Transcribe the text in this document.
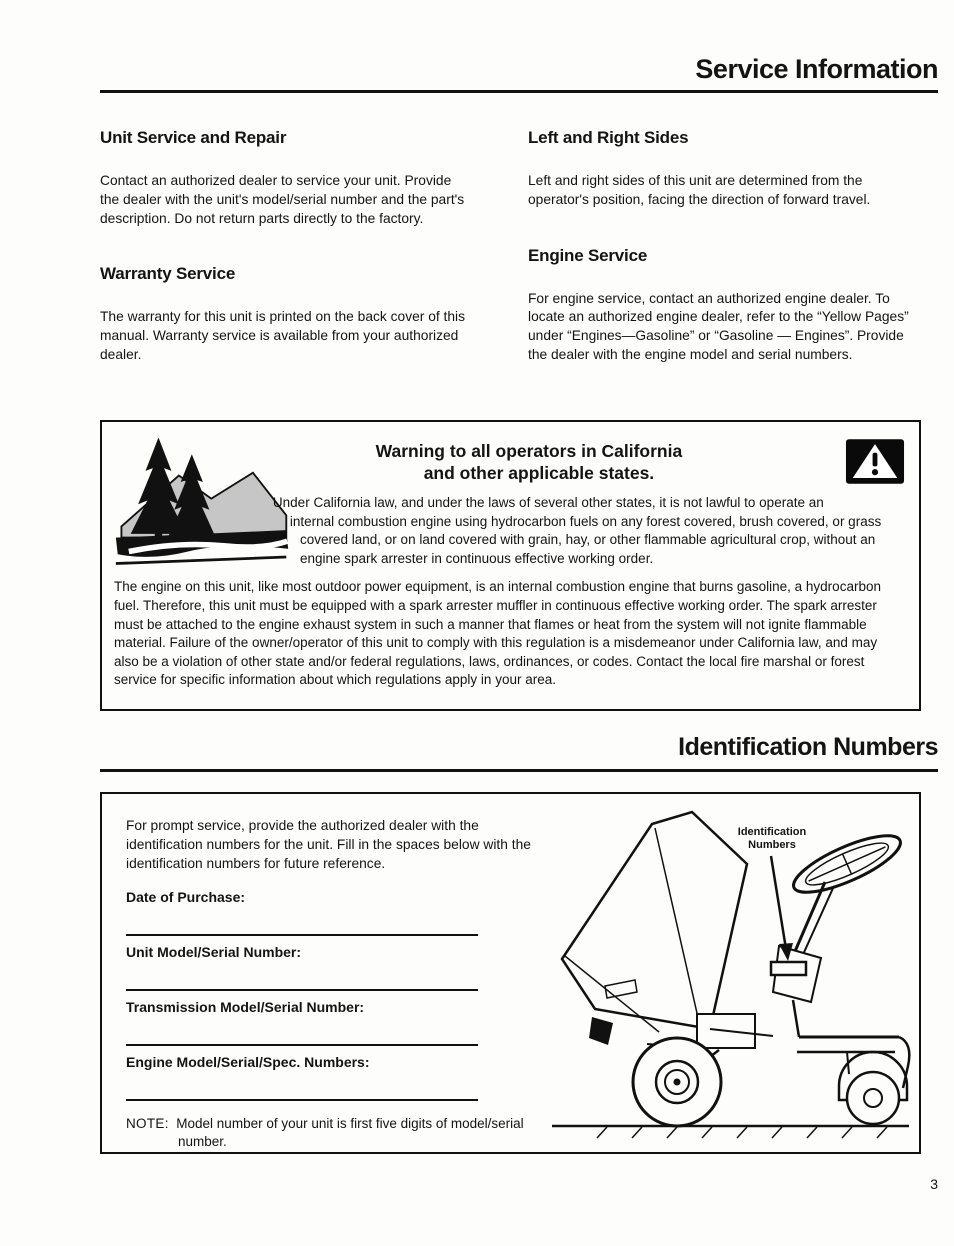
Service Information
Unit Service and Repair

Contact an authorized dealer to service your unit. Provide the dealer with the unit's model/serial number and the part's description. Do not return parts directly to the factory.

Warranty Service

The warranty for this unit is printed on the back cover of this manual. Warranty service is available from your authorized dealer.

Left and Right Sides

Left and right sides of this unit are determined from the operator's position, facing the direction of forward travel.

Engine Service

For engine service, contact an authorized engine dealer. To locate an authorized engine dealer, refer to the “Yellow Pages” under “Engines—Gasoline” or “Gasoline — Engines”. Provide the dealer with the engine model and serial numbers.

Warning to all operators in California
and other applicable states.

Under California law, and under the laws of several other states, it is not lawful to operate an internal combustion engine using hydrocarbon fuels on any forest covered, brush covered, or grass covered land, or on land covered with grain, hay, or other flammable agricultural crop, without an engine spark arrester in continuous effective working order.

The engine on this unit, like most outdoor power equipment, is an internal combustion engine that burns gasoline, a hydrocarbon fuel. Therefore, this unit must be equipped with a spark arrester muffler in continuous effective working order. The spark arrester must be attached to the engine exhaust system in such a manner that flames or heat from the system will not ignite flammable material. Failure of the owner/operator of this unit to comply with this regulation is a misdemeanor under California law, and may also be a violation of other state and/or federal regulations, laws, ordinances, or codes. Contact the local fire marshal or forest service for specific information about which regulations apply in your area.

Identification Numbers

For prompt service, provide the authorized dealer with the identification numbers for the unit. Fill in the spaces below with the identification numbers for future reference.

Date of Purchase:
Unit Model/Serial Number:
Transmission Model/Serial Number:
Engine Model/Serial/Spec. Numbers:

NOTE: Model number of your unit is first five digits of model/serial number.

Identification
Numbers
3
